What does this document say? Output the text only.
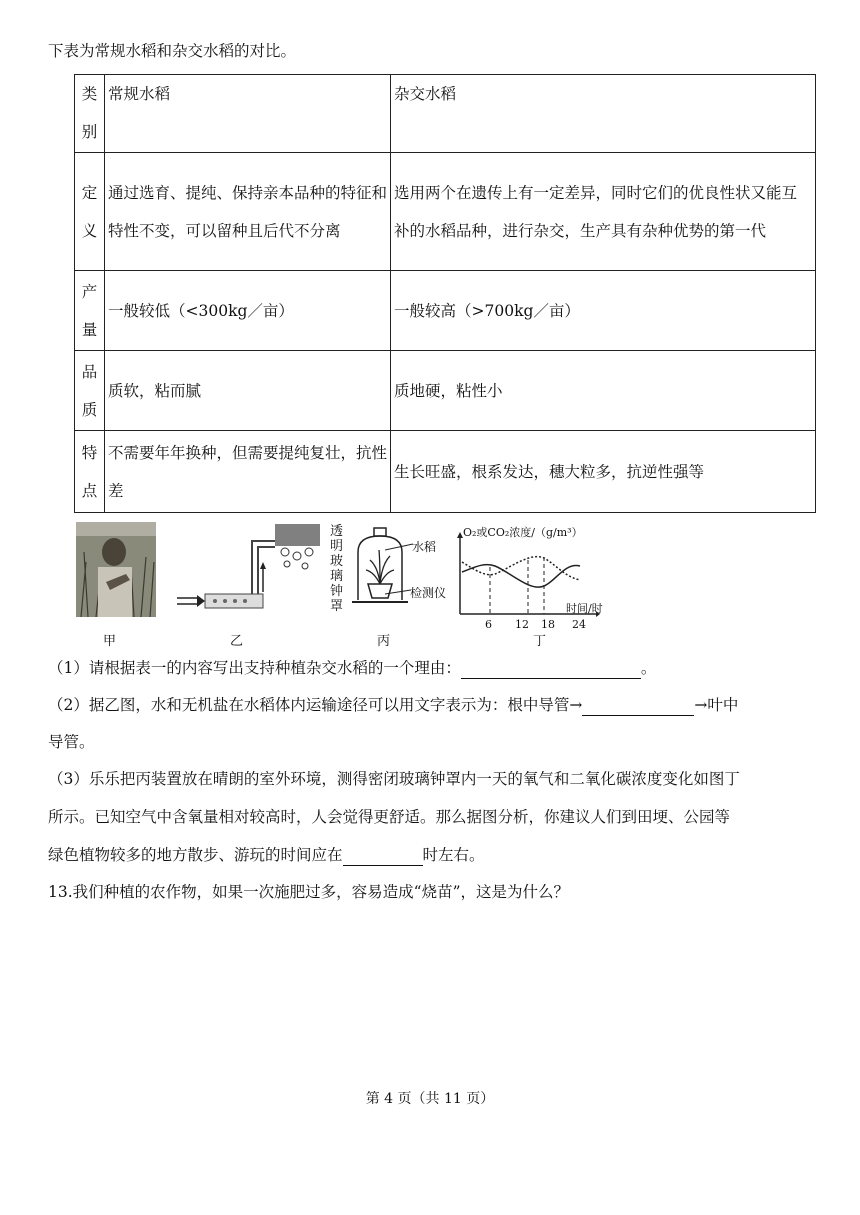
下表为常规水稻和杂交水稻的对比。
类别	常规水稻	杂交水稻
定义	通过选育、提纯、保持亲本品种的特征和特性不变，可以留种且后代不分离	选用两个在遗传上有一定差异，同时它们的优良性状又能互补的水稻品种，进行杂交，生产具有杂种优势的第一代
产量	一般较低（<300kg／亩）	一般较高（>700kg／亩）
品质	质软，粘而腻	质地硬，粘性小
特点	不需要年年换种，但需要提纯复壮，抗性差	生长旺盛，根系发达，穗大粒多，抗逆性强等
甲	乙
透明玻璃钟罩
水稻
检测仪
丙
O₂或CO₂浓度/（g/m³）
时间/时
6 12 18 24
丁
（1）请根据表一的内容写出支持种植杂交水稻的一个理由：	。
（2）据乙图，水和无机盐在水稻体内运输途径可以用文字表示为：根中导管→	→叶中
导管。
（3）乐乐把丙装置放在晴朗的室外环境，测得密闭玻璃钟罩内一天的氧气和二氧化碳浓度变化如图丁
所示。已知空气中含氧量相对较高时，人会觉得更舒适。那么据图分析，你建议人们到田埂、公园等
绿色植物较多的地方散步、游玩的时间应在	时左右。
13.我们种植的农作物，如果一次施肥过多，容易造成“烧苗”，这是为什么？
第 4 页（共 11 页）
